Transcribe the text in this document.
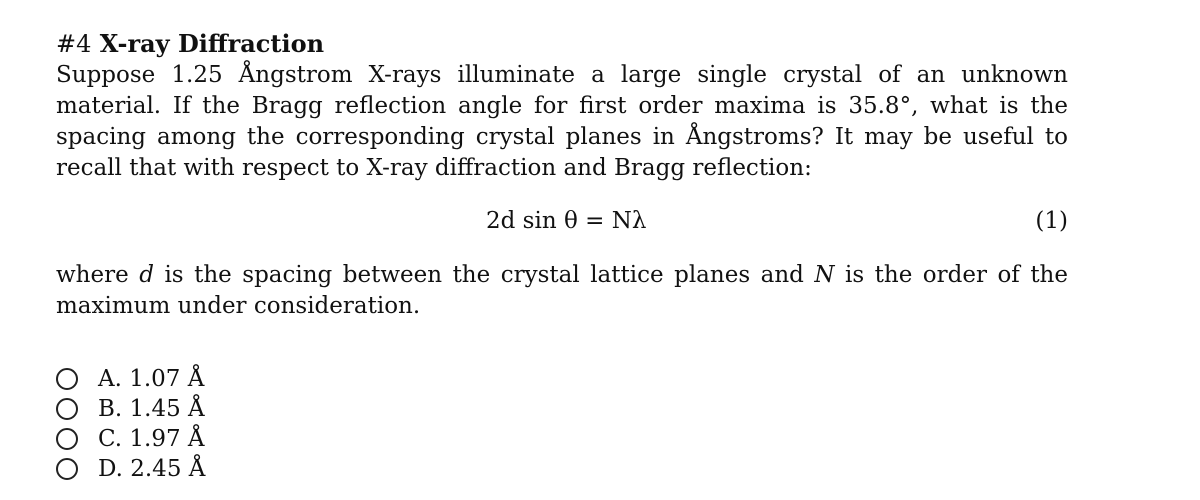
#4 X-ray Diffraction

Suppose 1.25 Ångstrom X-rays illuminate a large single crystal of an unknown material. If the Bragg reflection angle for first order maxima is 35.8°, what is the spacing among the corresponding crystal planes in Ångstroms? It may be useful to recall that with respect to X-ray diffraction and Bragg reflection:

2d sin θ = Nλ	(1)

where d is the spacing between the crystal lattice planes and N is the order of the maximum under consideration.

A. 1.07 Å
B. 1.45 Å
C. 1.97 Å
D. 2.45 Å
